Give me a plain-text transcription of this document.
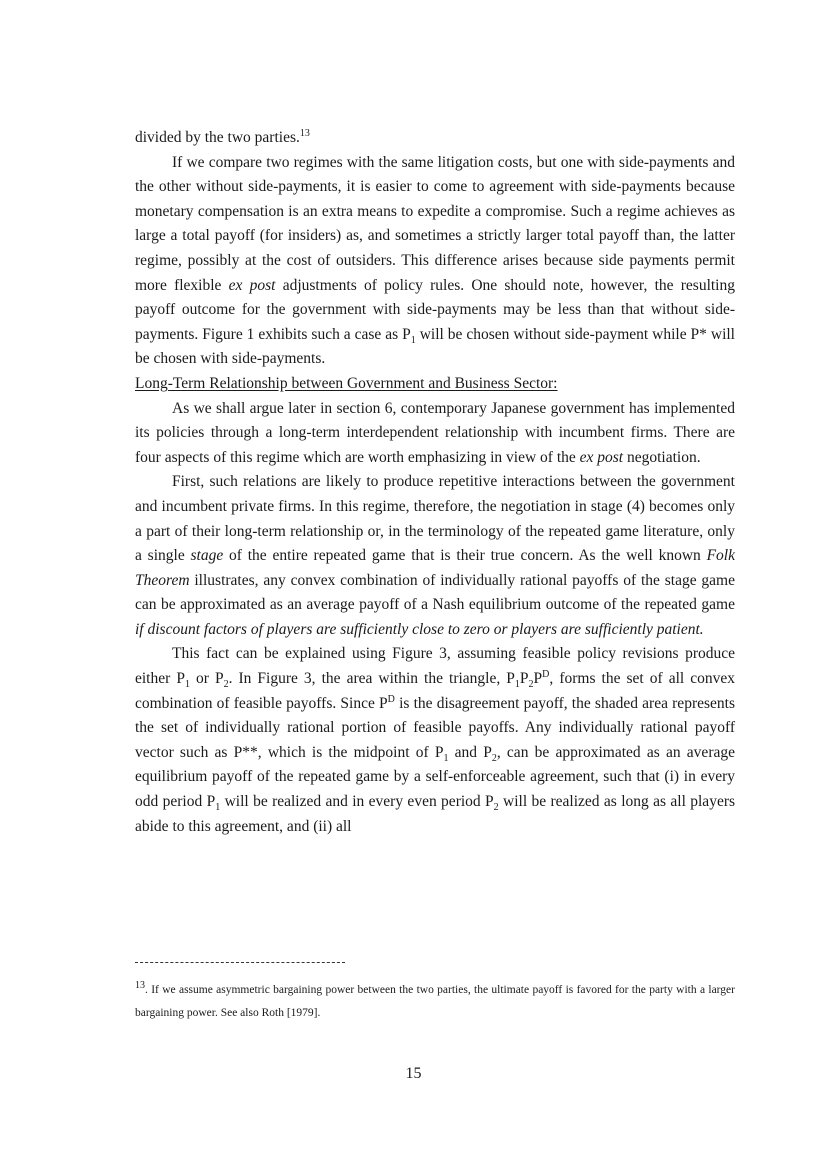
divided by the two parties.$^{13}$

If we compare two regimes with the same litigation costs, but one with side-payments and the other without side-payments, it is easier to come to agreement with side-payments because monetary compensation is an extra means to expedite a compromise. Such a regime achieves as large a total payoff (for insiders) as, and sometimes a strictly larger total payoff than, the latter regime, possibly at the cost of outsiders. This difference arises because side payments permit more flexible ex post adjustments of policy rules. One should note, however, the resulting payoff outcome for the government with side-payments may be less than that without side-payments. Figure 1 exhibits such a case as $P_1$ will be chosen without side-payment while P* will be chosen with side-payments.

Long-Term Relationship between Government and Business Sector:

As we shall argue later in section 6, contemporary Japanese government has implemented its policies through a long-term interdependent relationship with incumbent firms. There are four aspects of this regime which are worth emphasizing in view of the ex post negotiation.

First, such relations are likely to produce repetitive interactions between the government and incumbent private firms. In this regime, therefore, the negotiation in stage (4) becomes only a part of their long-term relationship or, in the terminology of the repeated game literature, only a single stage of the entire repeated game that is their true concern. As the well known Folk Theorem illustrates, any convex combination of individually rational payoffs of the stage game can be approximated as an average payoff of a Nash equilibrium outcome of the repeated game if discount factors of players are sufficiently close to zero or players are sufficiently patient.

This fact can be explained using Figure 3, assuming feasible policy revisions produce either $P_1$ or $P_2$. In Figure 3, the area within the triangle, $P_1P_2P^D$, forms the set of all convex combination of feasible payoffs. Since $P^D$ is the disagreement payoff, the shaded area represents the set of individually rational portion of feasible payoffs. Any individually rational payoff vector such as P**, which is the midpoint of $P_1$ and $P_2$, can be approximated as an average equilibrium payoff of the repeated game by a self-enforceable agreement, such that (i) in every odd period $P_1$ will be realized and in every even period $P_2$ will be realized as long as all players abide to this agreement, and (ii) all

$^{13}$. If we assume asymmetric bargaining power between the two parties, the ultimate payoff is favored for the party with a larger bargaining power. See also Roth [1979].

15
